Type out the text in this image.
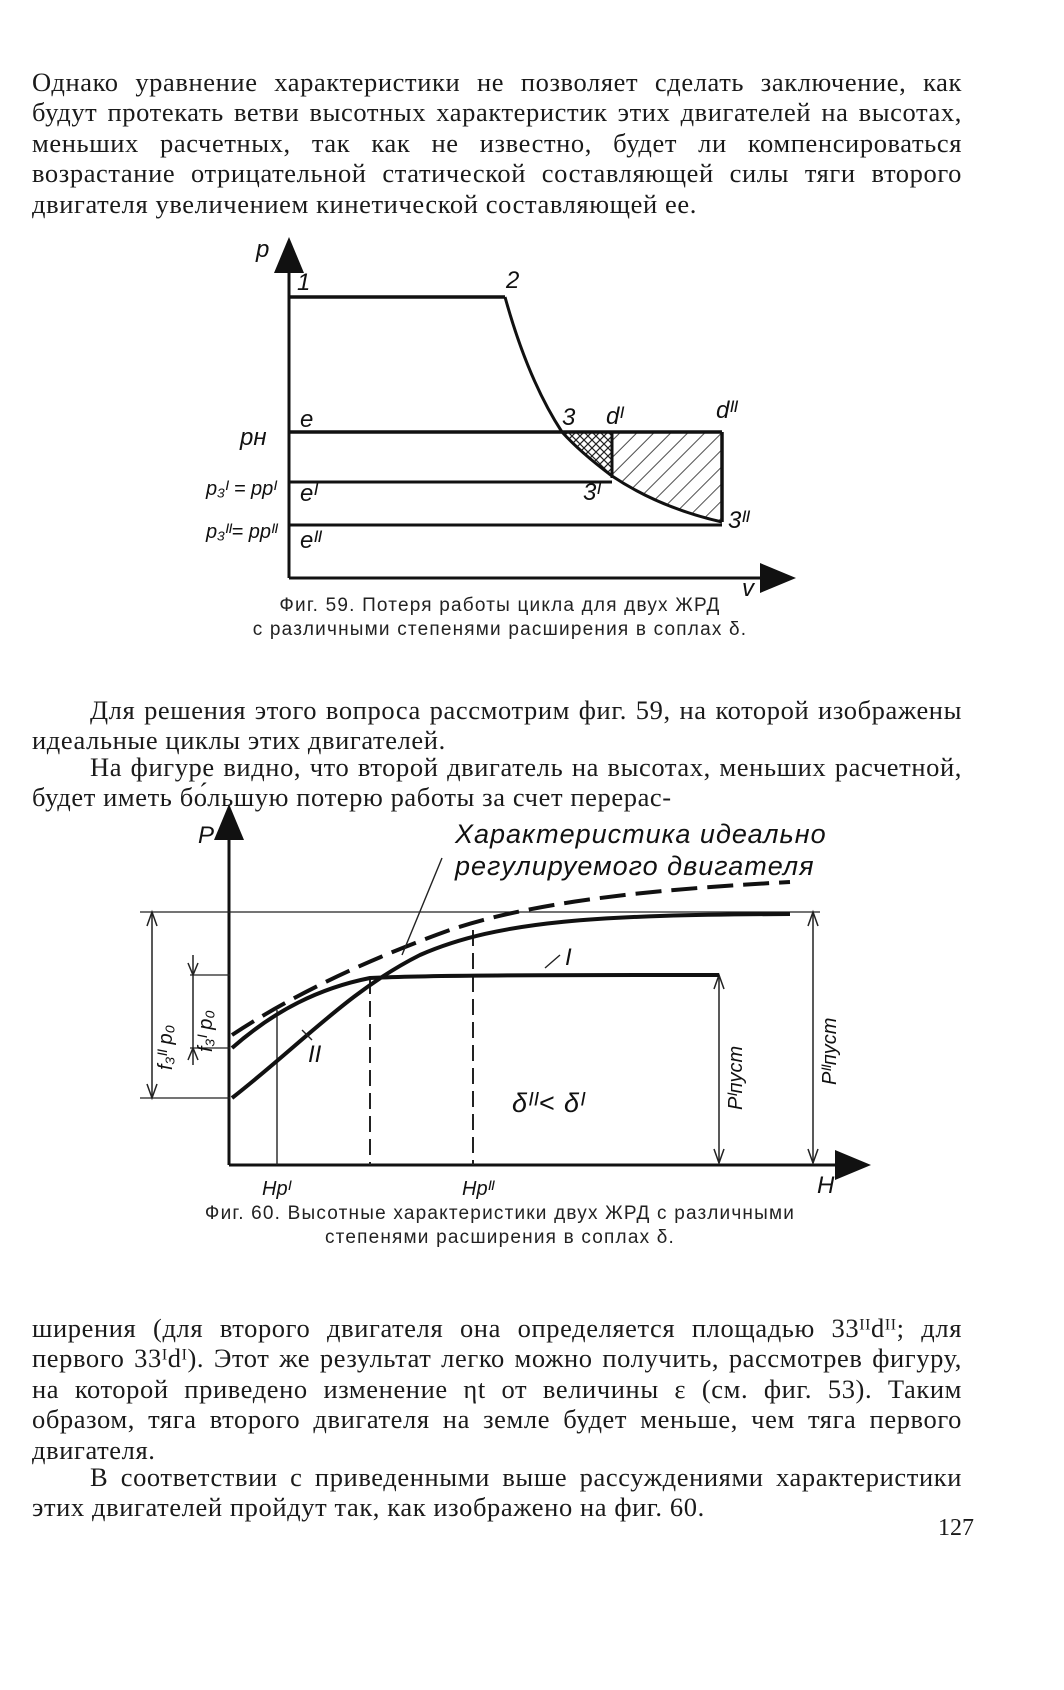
Однако уравнение характеристики не позволяет сделать заключение, как будут протекать ветви высотных характеристик этих двигателей на высотах, меньших расчетных, так как не известно, будет ли компенсироваться возрастание отрицательной статической составляющей силы тяги второго двигателя увеличением кинетической составляющей ее.

p
v
1	2
3 dᴵ	dᴵᴵ
3ᴵ
3ᴵᴵ
e
eᴵ
eᴵᴵ
pн
p₃ᴵ = pрᴵ
p₃ᴵᴵ= pрᴵᴵ
Фиг. 59. Потеря работы цикла для двух ЖРД
с различными степенями расширения в соплах δ.

Для решения этого вопроса рассмотрим фиг. 59, на которой изображены идеальные циклы этих двигателей.

На фигуре видно, что второй двигатель на высотах, меньших расчетной, будет иметь бо́льшую потерю работы за счет перерас-

P
H
Характеристика идеально
регулируемого двигателя
I
II
δᴵᴵ< δᴵ
Hpᴵ	Hpᴵᴵ
f₃ᴵᴵ p₀ f₃ᴵ p₀
Pᴵпуст	Pᴵᴵпуст
Фиг. 60. Высотные характеристики двух ЖРД с различными
степенями расширения в соплах δ.

ширения (для второго двигателя она определяется площадью 33ᴵᴵdᴵᴵ; для первого 33ᴵdᴵ). Этот же результат легко можно получить, рассмотрев фигуру, на которой приведено изменение ηt от величины ε (см. фиг. 53). Таким образом, тяга второго двигателя на земле будет меньше, чем тяга первого двигателя.

В соответствии с приведенными выше рассуждениями характеристики этих двигателей пройдут так, как изображено на фиг. 60.

127
